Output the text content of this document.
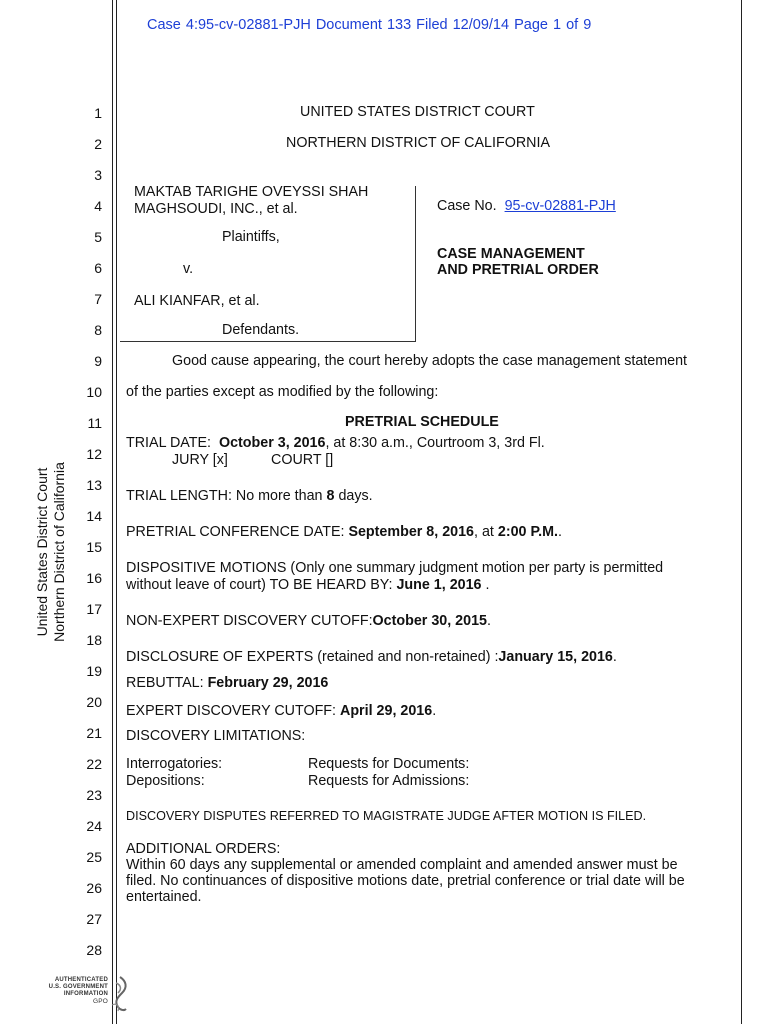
Case 4:95-cv-02881-PJH Document 133 Filed 12/09/14 Page 1 of 9
United States District Court Northern District of California
1
2
3
4
5
6
7
8
9
10
11
12
13
14
15
16
17
18
19
20
21
22
23
24
25
26
27
28
UNITED STATES DISTRICT COURT
NORTHERN DISTRICT OF CALIFORNIA
MAKTAB TARIGHE OVEYSSI SHAH
MAGHSOUDI, INC., et al.
Plaintiffs,
v.
ALI KIANFAR, et al.
Defendants.
Case No. 95-cv-02881-PJH
CASE MANAGEMENT
AND PRETRIAL ORDER
Good cause appearing, the court hereby adopts the case management statement
of the parties except as modified by the following:
PRETRIAL SCHEDULE
TRIAL DATE: October 3, 2016, at 8:30 a.m., Courtroom 3, 3rd Fl.
JURY [x]	COURT []
TRIAL LENGTH: No more than 8 days.
PRETRIAL CONFERENCE DATE: September 8, 2016, at 2:00 P.M..
DISPOSITIVE MOTIONS (Only one summary judgment motion per party is permitted
without leave of court) TO BE HEARD BY: June 1, 2016 .
NON-EXPERT DISCOVERY CUTOFF:October 30, 2015.
DISCLOSURE OF EXPERTS (retained and non-retained) :January 15, 2016.
REBUTTAL: February 29, 2016
EXPERT DISCOVERY CUTOFF: April 29, 2016.
DISCOVERY LIMITATIONS:
Interrogatories:
Depositions:
Requests for Documents:
Requests for Admissions:
DISCOVERY DISPUTES REFERRED TO MAGISTRATE JUDGE AFTER MOTION IS FILED.
ADDITIONAL ORDERS:
Within 60 days any supplemental or amended complaint and amended answer must be
filed. No continuances of dispositive motions date, pretrial conference or trial date will be
entertained.
AUTHENTICATED
U.S. GOVERNMENT
INFORMATION
GPO
